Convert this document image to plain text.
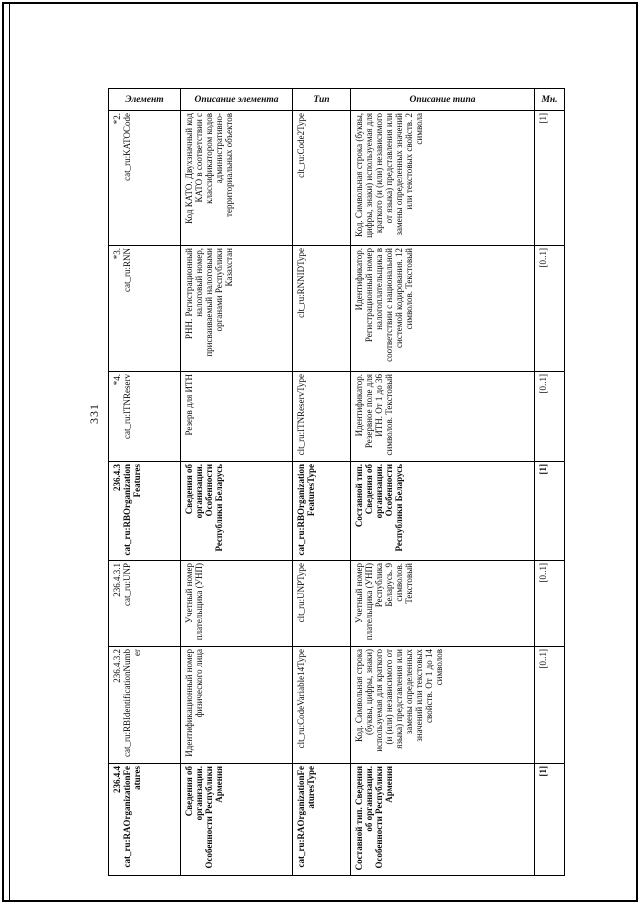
331
Элемент	Описание элемента	Тип	Описание типа	Мн.

*2. cat_ru:KATOCode	Код КАТО. Двухзначный код КАТО в соответствии с классификатором кодов административно-территориальных объектов	clt_ru:Code2Type	Код. Символьная строка (буквы, цифры, знаки) используемая для краткого (и (или) независимого от языка) представления или замены определенных значений или текстовых свойств. 2 символа	[1]

*3. cat_ru:RNN	РНН. Регистрационный налоговый номер, присваиваемый налоговыми органами Республики Казахстан	clt_ru:RNNIDType	Идентификатор. Регистрационный номер налогоплательщика в соответствии с национальной системой кодирования. 12 символов. Текстовый	[0..1]

*4. cat_ru:ITNReserv	Резерв для ИТН	clt_ru:ITNReservType	Идентификатор. Резервное поле для ИТН. От 1 до 36 символов. Текстовый	[0..1]

236.4.3 cat_ru:RBOrganizationFeatures	Сведения об организации. Особенности Республики Беларусь	cat_ru:RBOrganizationFeaturesType	Составной тип. Сведения об организации. Особенности Республики Беларусь	[1]

236.4.3.1 cat_ru:UNP	Учетный номер плательщика (УНП)	clt_ru:UNPType	Учетный номер плательщика (УНП) Республика Беларусь. 9 символов. Текстовый	[0..1]

236.4.3.2 cat_ru:RBIdentificationNumber	Идентификационный номер физического лица	clt_ru:CodeVariable14Type	Код. Символьная строка (буквы, цифры, знаки) используемая для краткого (и (или) независимого от языка) представления или замены определенных значений или текстовых свойств. От 1 до 14 символов	[0..1]

236.4.4 cat_ru:RAOrganizationFeatures	Сведения об организации. Особенности Республики Армения	cat_ru:RAOrganizationFeaturesType	Составной тип. Сведения об организации. Особенности Республики Армения	[1]
